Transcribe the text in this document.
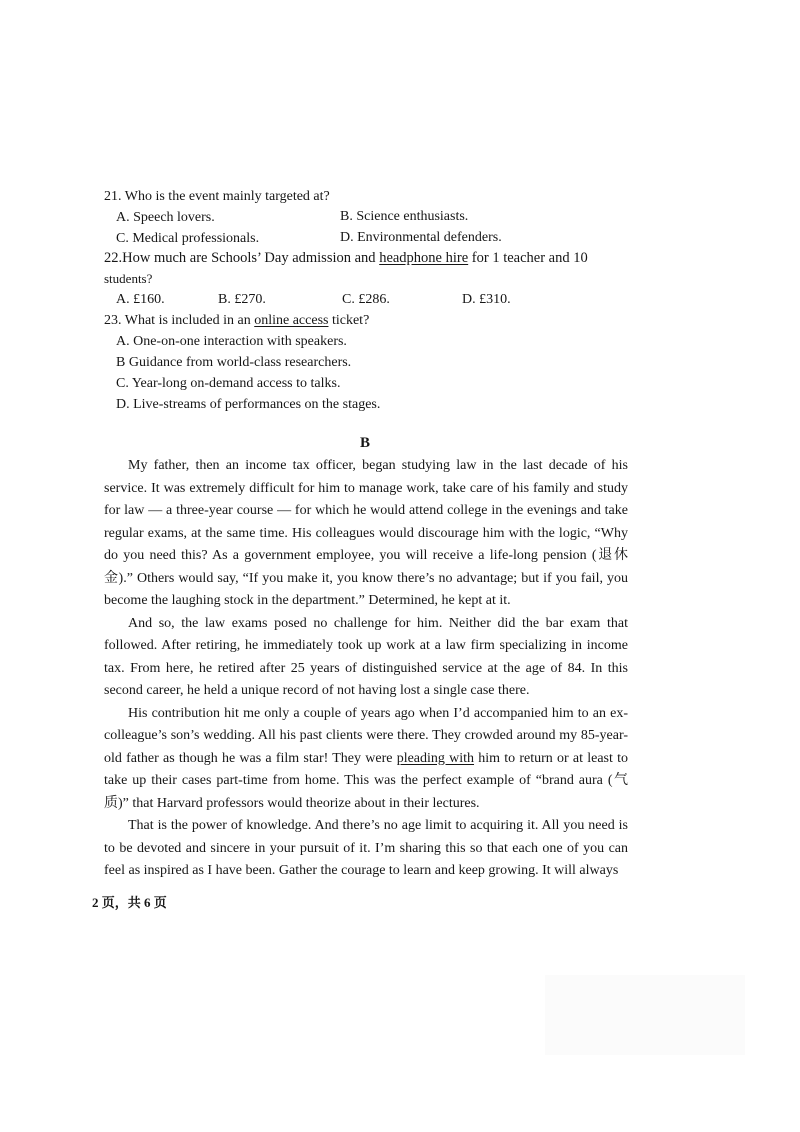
21. Who is the event mainly targeted at?
A. Speech lovers.	B. Science enthusiasts.
C. Medical professionals.	D. Environmental defenders.
22.How much are Schools’ Day admission and headphone hire for 1 teacher and 10
students?
A. £160.	B. £270.	C. £286.	D. £310.
23. What is included in an online access ticket?
A. One-on-one interaction with speakers.
B Guidance from world-class researchers.
C. Year-long on-demand access to talks.
D. Live-streams of performances on the stages.
B

My father, then an income tax officer, began studying law in the last decade of his service. It was extremely difficult for him to manage work, take care of his family and study for law — a three-year course — for which he would attend college in the evenings and take regular exams, at the same time. His colleagues would discourage him with the logic, “Why do you need this? As a government employee, you will receive a life-long pension (退休金).” Others would say, “If you make it, you know there’s no advantage; but if you fail, you become the laughing stock in the department.” Determined, he kept at it.

And so, the law exams posed no challenge for him. Neither did the bar exam that followed. After retiring, he immediately took up work at a law firm specializing in income tax. From here, he retired after 25 years of distinguished service at the age of 84. In this second career, he held a unique record of not having lost a single case there.

His contribution hit me only a couple of years ago when I’d accompanied him to an ex-colleague’s son’s wedding. All his past clients were there. They crowded around my 85-year-old father as though he was a film star! They were pleading with him to return or at least to take up their cases part-time from home. This was the perfect example of “brand aura (气质)” that Harvard professors would theorize about in their lectures.

That is the power of knowledge. And there’s no age limit to acquiring it. All you need is to be devoted and sincere in your pursuit of it. I’m sharing this so that each one of you can feel as inspired as I have been. Gather the courage to learn and keep growing. It will always

2 页，共 6 页
